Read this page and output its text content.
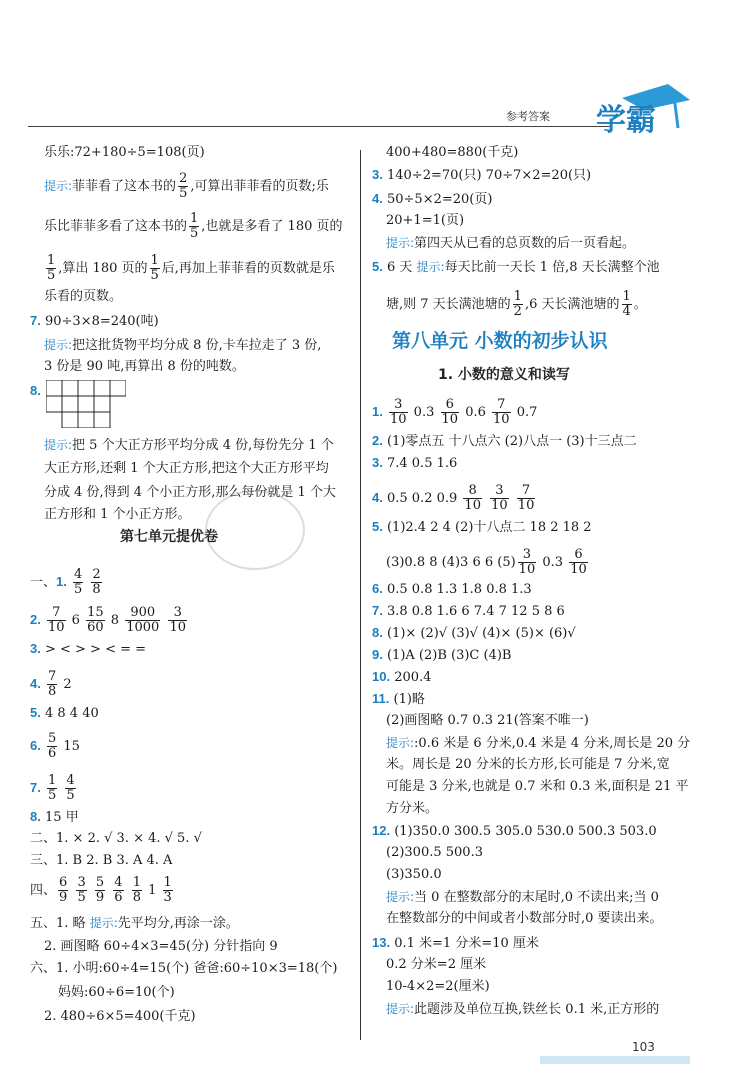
参考答案 学霸
乐乐:72+180÷5=108(页)
提示:菲菲看了这本书的 $\frac{2}{5}$ ,可算出菲菲看的页数;乐
乐比菲菲多看了这本书的 $\frac{1}{5}$ ,也就是多看了 180 页的
$\frac{1}{5}$ ,算出 180 页的 $\frac{1}{5}$ 后,再加上菲菲看的页数就是乐
乐看的页数。
7. 90÷3×8=240(吨)
提示:把这批货物平均分成 8 份,卡车拉走了 3 份,
3 份是 90 吨,再算出 8 份的吨数。
8.
提示:把 5 个大正方形平均分成 4 份,每份先分 1 个
大正方形,还剩 1 个大正方形,把这个大正方形平均
分成 4 份,得到 4 个小正方形,那么每份就是 1 个大
正方形和 1 个小正方形。
第七单元提优卷
一、1. $\frac{4}{5}$
$\frac{2}{8}$
2. $\frac{7}{10} 6 \frac{15}{60} 8 \frac{900}{1000}$
$\frac{3}{10}$
3. > < > > < = =
4. $\frac{7}{8} 2$
5. 4 8 4 40
6. $\frac{5}{6} 15$
7. $\frac{1}{5}$
$\frac{4}{5}$
8. 15 甲
二、1. × 2. √ 3. × 4. √ 5. √
三、1. B 2. B 3. A 4. A
四、 $\frac{6}{9}$
$\frac{3}{5}$
$\frac{5}{9}$
$\frac{4}{6}$
$\frac{1}{8} 1 \frac{1}{3}$
五、1. 略 提示:先平均分,再涂一涂。
2. 画图略 60÷4×3=45(分) 分针指向 9
六、1. 小明:60÷4=15(个) 爸爸:60÷10×3=18(个)
妈妈:60÷6=10(个)
2. 480÷6×5=400(千克)
400+480=880(千克)
3. 140÷2=70(只) 70÷7×2=20(只)
4. 50÷5×2=20(页)
20+1=1(页)
提示:第四天从已看的总页数的后一页看起。
5. 6 天 提示:每天比前一天长 1 倍,8 天长满整个池
塘,则 7 天长满池塘的 $\frac{1}{2} ,6$ 天长满池塘的 $\frac{1}{4}$ 。
第八单元 小数的初步认识
1. 小数的意义和读写
1. $\frac{3}{10} 0.3 \frac{6}{10} 0.6 \frac{7}{10} 0.7$
2. (1)零点五 十八点六 (2)八点一 (3)十三点二
3. 7.4 0.5 1.6
4. 0.5 0.2 $0.9 \frac{8}{10}$
$\frac{3}{10}$
$\frac{7}{10}$
5. (1)2.4 2 4 (2)十八点二 18 2 18 2
(3)0.8 8 (4)3 6 6 $(5) \frac{3}{10} 0.3 \frac{6}{10}$
6. 0.5 0.8 1.3 1.8 0.8 1.3
7. 3.8 0.8 1.6 6 7.4 7 12 5 8 6
8. (1)× (2)√ (3)√ (4)× (5)× (6)√
9. (1)A (2)B (3)C (4)B
10. 200.4
11. (1)略
(2)画图略 0.7 0.3 21(答案不唯一)
提示::0.6 米是 6 分米,0.4 米是 4 分米,周长是 20 分
米。周长是 20 分米的长方形,长可能是 7 分米,宽
可能是 3 分米,也就是 0.7 米和 0.3 米,面积是 21 平
方分米。
12. (1)350.0 300.5 305.0 530.0 500.3 503.0
(2)300.5 500.3
(3)350.0
提示:当 0 在整数部分的末尾时,0 不读出来;当 0
在整数部分的中间或者小数部分时,0 要读出来。
13. 0.1 米=1 分米=10 厘米
0.2 分米=2 厘米
10-4×2=2(厘米)
提示:此题涉及单位互换,铁丝长 0.1 米,正方形的
103
